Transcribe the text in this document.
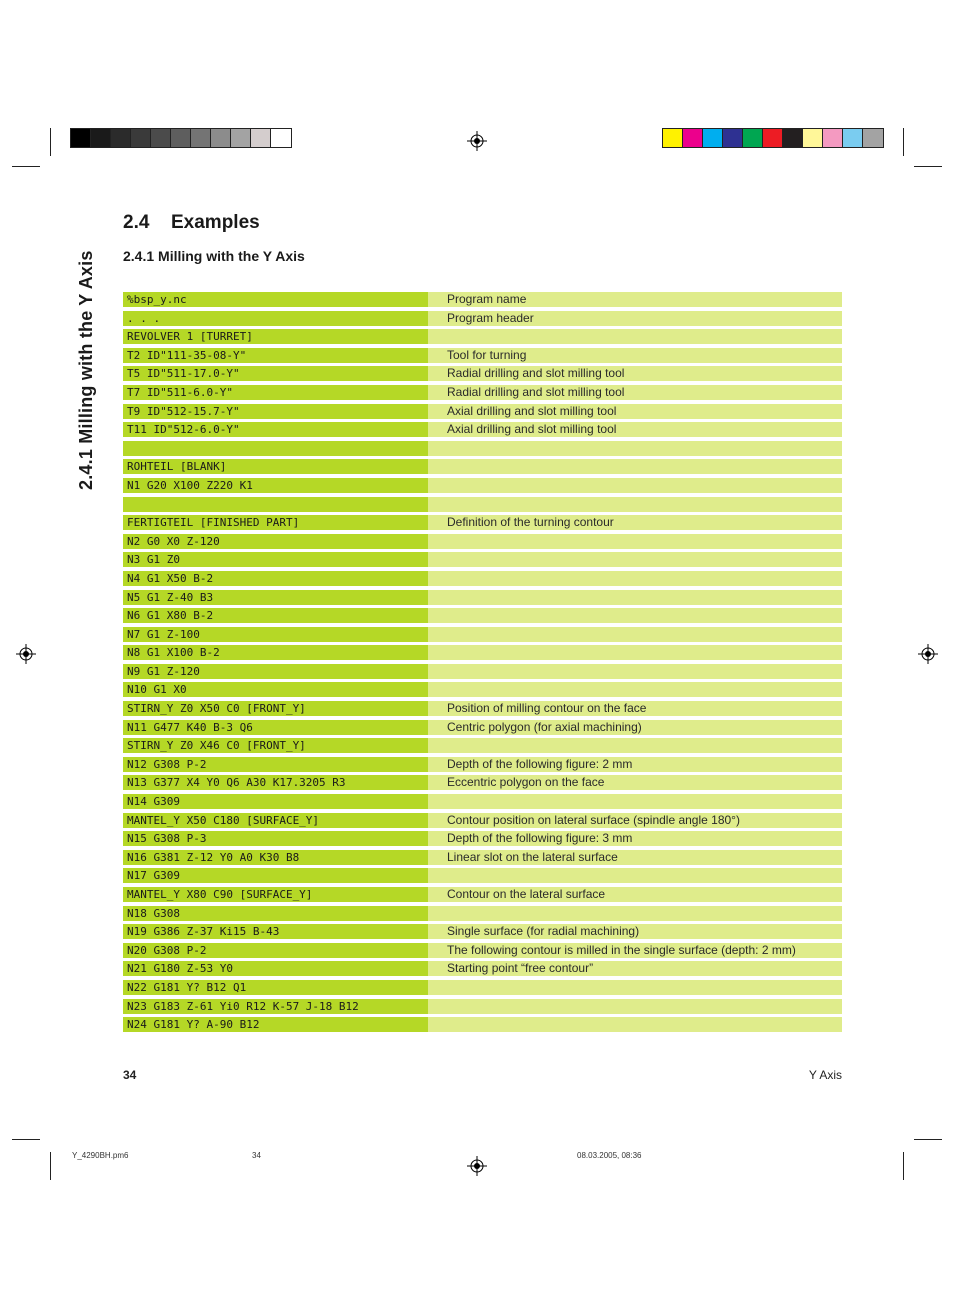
2.4.1 Milling with the Y Axis
2.4 Examples
2.4.1 Milling with the Y Axis
%bsp_y.nc	Program name
. . .	Program header
REVOLVER 1 [TURRET]
T2 ID"111-35-08-Y"	Tool for turning
T5 ID"511-17.0-Y"	Radial drilling and slot milling tool
T7 ID"511-6.0-Y"	Radial drilling and slot milling tool
T9 ID"512-15.7-Y"	Axial drilling and slot milling tool
T11 ID"512-6.0-Y"	Axial drilling and slot milling tool
ROHTEIL [BLANK]
N1 G20 X100 Z220 K1
FERTIGTEIL [FINISHED PART]	Definition of the turning contour
N2 G0 X0 Z-120
N3 G1 Z0
N4 G1 X50 B-2
N5 G1 Z-40 B3
N6 G1 X80 B-2
N7 G1 Z-100
N8 G1 X100 B-2
N9 G1 Z-120
N10 G1 X0
STIRN_Y Z0 X50 C0 [FRONT_Y]	Position of milling contour on the face
N11 G477 K40 B-3 Q6	Centric polygon (for axial machining)
STIRN_Y Z0 X46 C0 [FRONT_Y]
N12 G308 P-2	Depth of the following figure: 2 mm
N13 G377 X4 Y0 Q6 A30 K17.3205 R3	Eccentric polygon on the face
N14 G309
MANTEL_Y X50 C180 [SURFACE_Y]	Contour position on lateral surface (spindle angle 180°)
N15 G308 P-3	Depth of the following figure: 3 mm
N16 G381 Z-12 Y0 A0 K30 B8	Linear slot on the lateral surface
N17 G309
MANTEL_Y X80 C90 [SURFACE_Y]	Contour on the lateral surface
N18 G308
N19 G386 Z-37 Ki15 B-43	Single surface (for radial machining)
N20 G308 P-2	The following contour is milled in the single surface (depth: 2 mm)
N21 G180 Z-53 Y0	Starting point “free contour”
N22 G181 Y? B12 Q1
N23 G183 Z-61 Yi0 R12 K-57 J-18 B12
N24 G181 Y? A-90 B12
34	Y Axis
Y_4290BH.pm6	34	08.03.2005, 08:36
